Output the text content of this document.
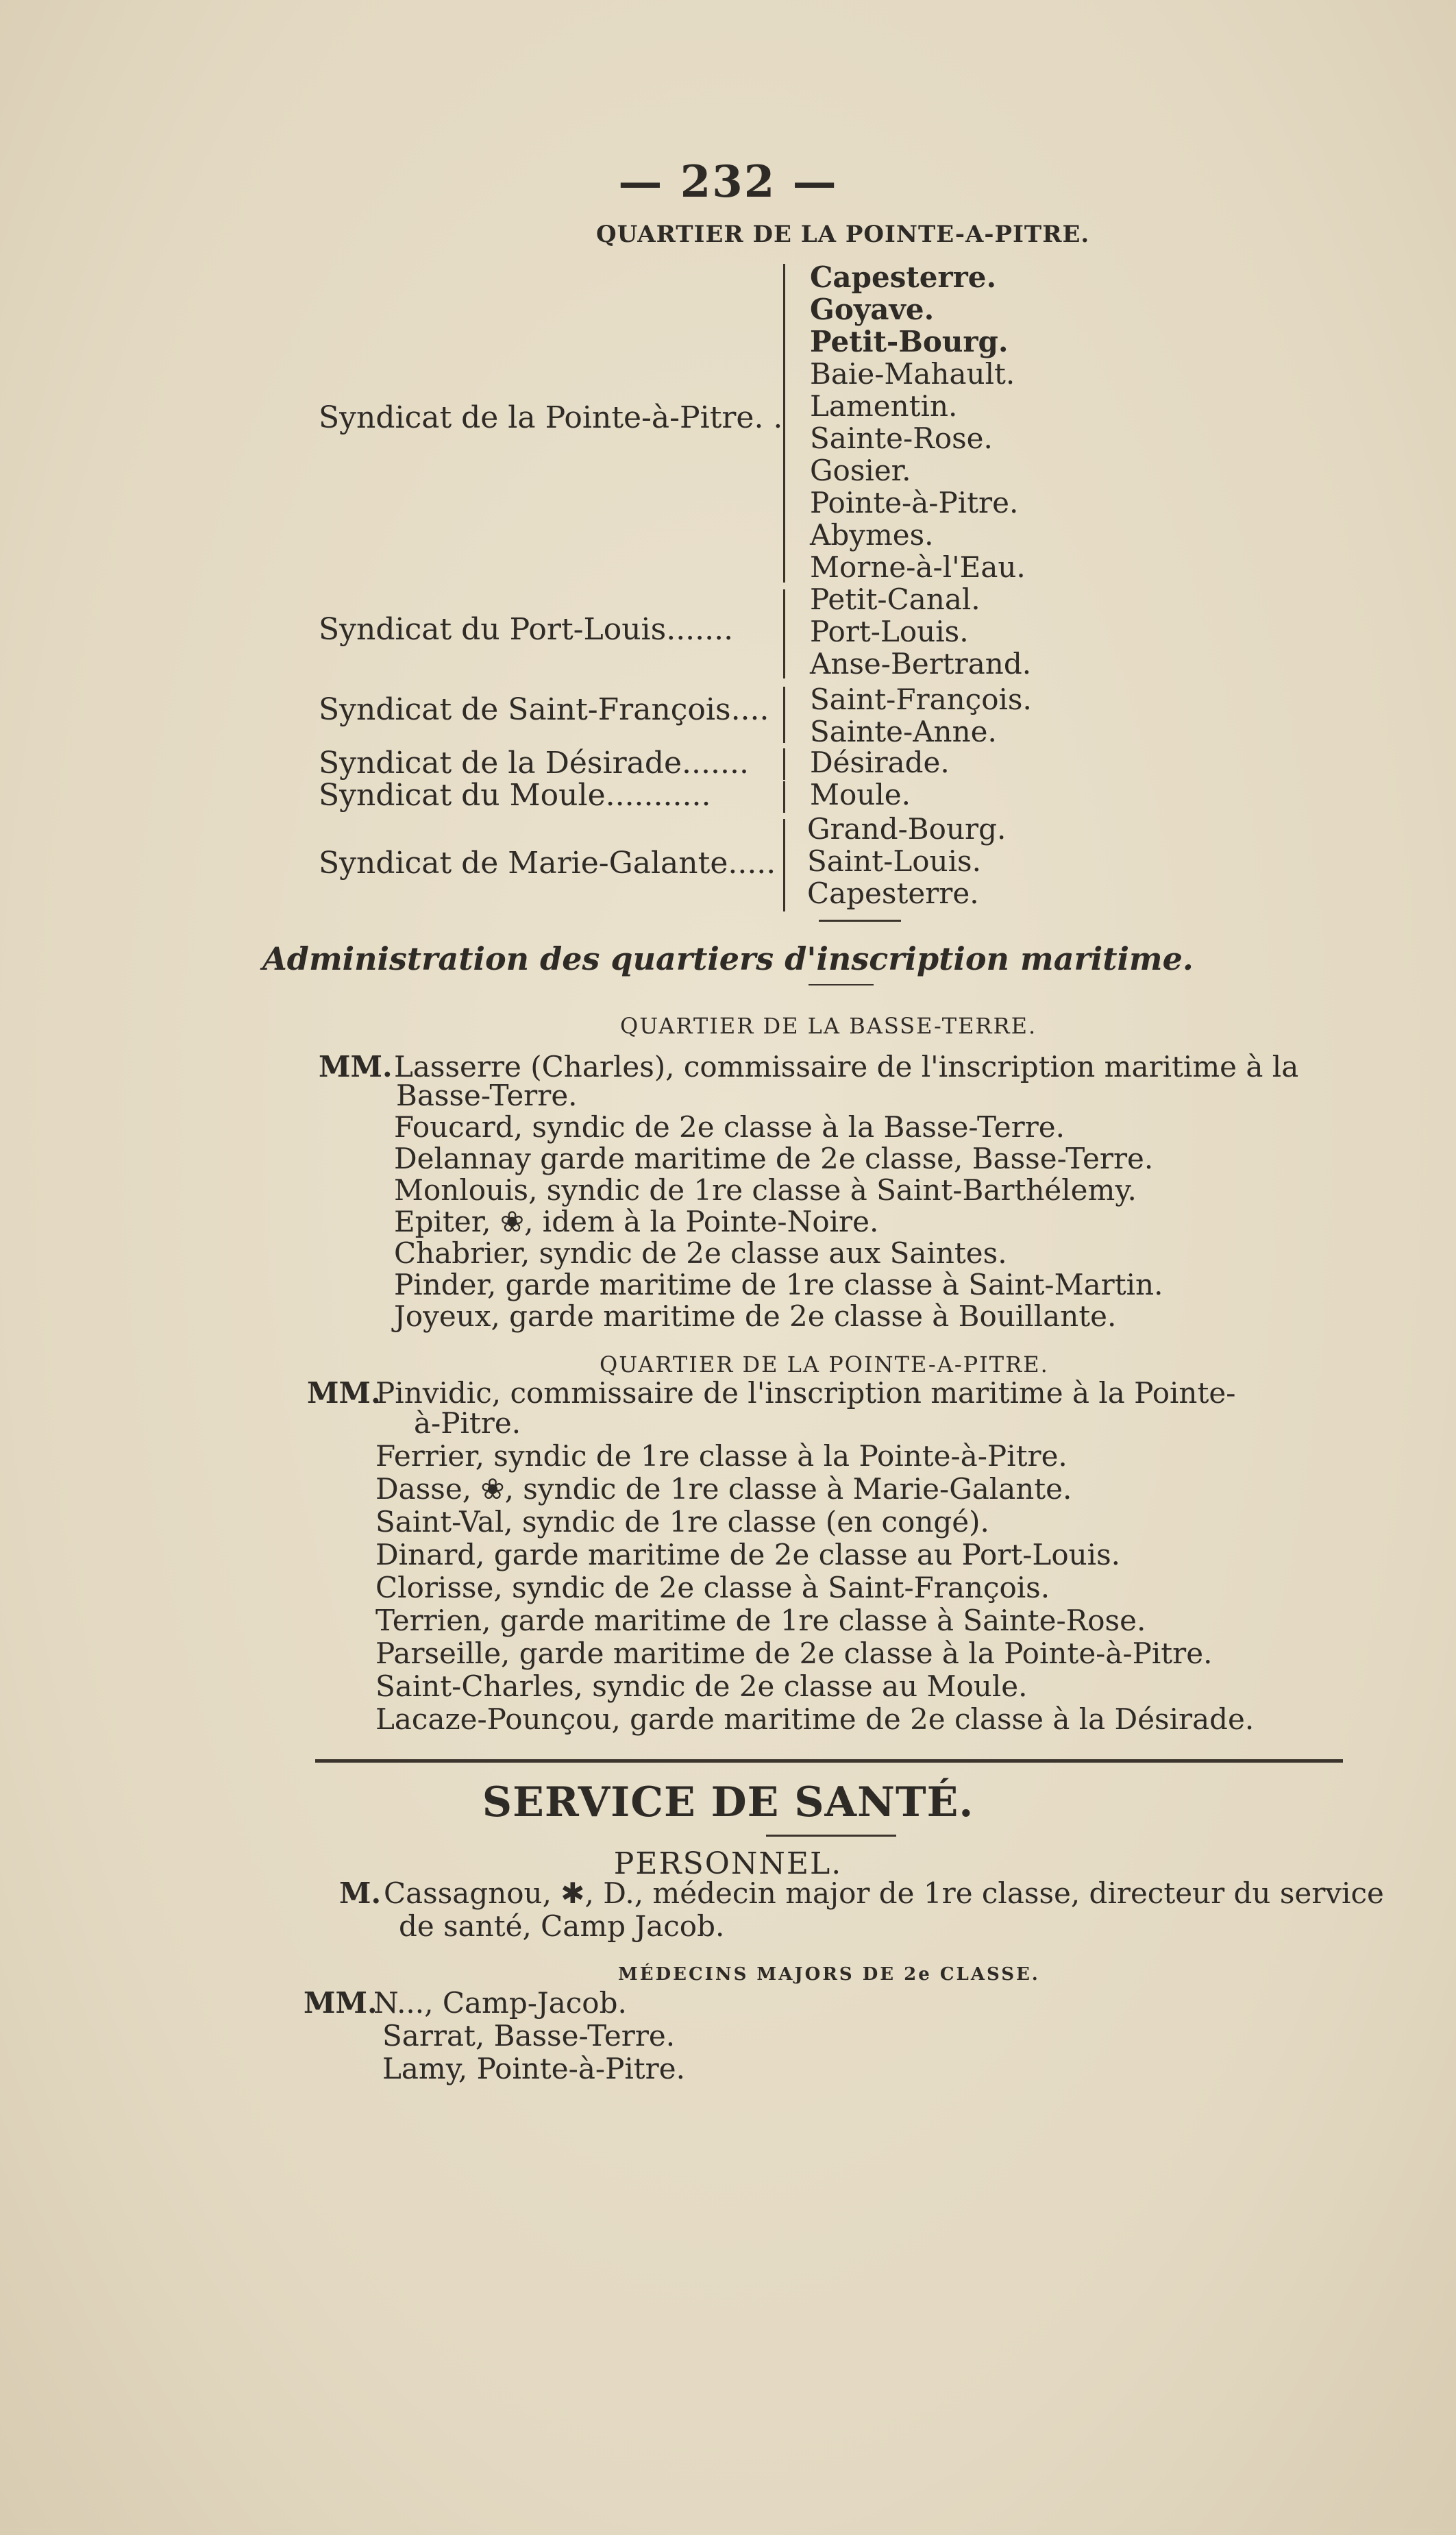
— 232 —
QUARTIER DE LA POINTE-A-PITRE.
Syndicat de la Pointe-à-Pitre. .
Capesterre.
Goyave.
Petit-Bourg.
Baie-Mahault.
Lamentin.
Sainte-Rose.
Gosier.
Pointe-à-Pitre.
Abymes.
Morne-à-l'Eau.
Syndicat du Port-Louis.......
Petit-Canal.
Port-Louis.
Anse-Bertrand.
Syndicat de Saint-François.... Saint-François.
Sainte-Anne.
Syndicat de la Désirade....... Désirade.
Syndicat du Moule...........	Moule.
Syndicat de Marie-Galante.....
Grand-Bourg.
Saint-Louis.
Capesterre.
Administration des quartiers d'inscription maritime.
QUARTIER DE LA BASSE-TERRE.
MM. Lasserre (Charles), commissaire de l'inscription maritime à la
Basse-Terre.
Foucard, syndic de 2e classe à la Basse-Terre.
Delannay garde maritime de 2e classe, Basse-Terre.
Monlouis, syndic de 1re classe à Saint-Barthélemy.
Epiter, ❀, idem à la Pointe-Noire.
Chabrier, syndic de 2e classe aux Saintes.
Pinder, garde maritime de 1re classe à Saint-Martin.
Joyeux, garde maritime de 2e classe à Bouillante.
QUARTIER DE LA POINTE-A-PITRE.
MM.
Pinvidic, commissaire de l'inscription maritime à la Pointe-
à-Pitre.
Ferrier, syndic de 1re classe à la Pointe-à-Pitre.
Dasse, ❀, syndic de 1re classe à Marie-Galante.
Saint-Val, syndic de 1re classe (en congé).
Dinard, garde maritime de 2e classe au Port-Louis.
Clorisse, syndic de 2e classe à Saint-François.
Terrien, garde maritime de 1re classe à Sainte-Rose.
Parseille, garde maritime de 2e classe à la Pointe-à-Pitre.
Saint-Charles, syndic de 2e classe au Moule.
Lacaze-Pounçou, garde maritime de 2e classe à la Désirade.
SERVICE DE SANTÉ.
PERSONNEL.
M. Cassagnou, ✱, D., médecin major de 1re classe, directeur du service
de santé, Camp Jacob.
MÉDECINS MAJORS DE 2e CLASSE.
MM.
N..., Camp-Jacob.
Sarrat, Basse-Terre.
Lamy, Pointe-à-Pitre.
